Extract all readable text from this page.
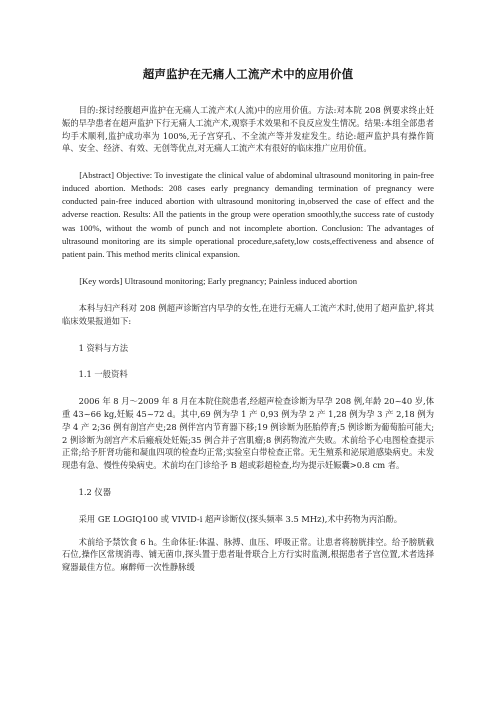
超声监护在无痛人工流产术中的应用价值

目的:探讨经腹超声监护在无痛人工流产术(人流)中的应用价值。方法:对本院 208 例要求终止妊娠的早孕患者在超声监护下行无痛人工流产术,观察手术效果和不良反应发生情况。结果:本组全部患者均手术顺利,监护成功率为 100%,无子宫穿孔、不全流产等并发症发生。结论:超声监护具有操作简单、安全、经济、有效、无创等优点,对无痛人工流产术有很好的临床推广应用价值。

[Abstract] Objective: To investigate the clinical value of abdominal ultrasound monitoring in pain-free induced abortion. Methods: 208 cases early pregnancy demanding termination of pregnancy were conducted pain-free induced abortion with ultrasound monitoring in,observed the case of effect and the adverse reaction. Results: All the patients in the group were operation smoothly,the success rate of custody was 100%, without the womb of punch and not incomplete abortion. Conclusion: The advantages of ultrasound monitoring are its simple operational procedure,safety,low costs,effectiveness and absence of patient pain. This method merits clinical expansion.

[Key words] Ultrasound monitoring; Early pregnancy; Painless induced abortion

本科与妇产科对 208 例超声诊断宫内早孕的女性,在进行无痛人工流产术时,使用了超声监护,将其临床效果报道如下:

1 资料与方法

1.1 一般资料

2006 年 8 月～2009 年 8 月在本院住院患者,经超声检查诊断为早孕 208 例,年龄 20~40 岁,体重 43~66 kg,妊娠 45~72 d。其中,69 例为孕 1 产 0,93 例为孕 2 产 1,28 例为孕 3 产 2,18 例为孕 4 产 2;36 例有剖宫产史;28 例伴宫内节育器下移;19 例诊断为胚胎停育;5 例诊断为葡萄胎可能大;2 例诊断为剖宫产术后瘢痕处妊娠;35 例合并子宫肌瘤;8 例药物流产失败。术前给予心电图检查提示正常;给予肝肾功能和凝血四项的检查均正常;实验室白带检查正常。无生殖系和泌尿道感染病史。未发现患有急、慢性传染病史。术前均在门诊给予 B 超或彩超检查,均为提示妊娠囊>0.8 cm 者。

1.2 仪器

采用 GE LOGIQ100 或 VIVID-i 超声诊断仪(探头频率 3.5 MHz),术中药物为丙泊酚。

术前给予禁饮食 6 h。生命体征:体温、脉搏、血压、呼吸正常。让患者将膀胱排空。给予膀胱截石位,操作区常规消毒、铺无菌巾,探头置于患者耻骨联合上方行实时监测,根据患者子宫位置,术者选择窥器最佳方位。麻醉师一次性静脉缓
